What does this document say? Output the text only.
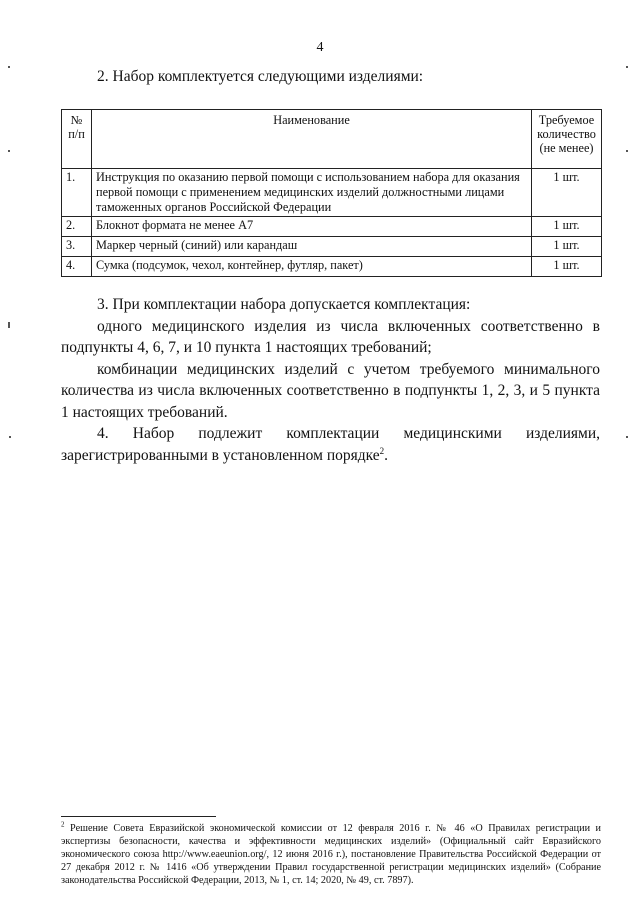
4
2. Набор комплектуется следующими изделиями:
№ п/п	Наименование	Требуемое количество (не менее)
1.	Инструкция по оказанию первой помощи с использованием набора для оказания первой помощи с применением медицинских изделий должностными лицами таможенных органов Российской Федерации	1 шт.
2.	Блокнот формата не менее А7	1 шт.
3.	Маркер черный (синий) или карандаш	1 шт.
4.	Сумка (подсумок, чехол, контейнер, футляр, пакет)	1 шт.

3. При комплектации набора допускается комплектация:

одного медицинского изделия из числа включенных соответственно в подпункты 4, 6, 7, и 10 пункта 1 настоящих требований;

комбинации медицинских изделий с учетом требуемого минимального количества из числа включенных соответственно в подпункты 1, 2, 3, и 5 пункта 1 настоящих требований.

4. Набор подлежит комплектации медицинскими изделиями, зарегистрированными в установленном порядке$^2$.

$^2$ Решение Совета Евразийской экономической комиссии от 12 февраля 2016 г. № 46 «О Правилах регистрации и экспертизы безопасности, качества и эффективности медицинских изделий» (Официальный сайт Евразийского экономического союза http://www.eaeunion.org/, 12 июня 2016 г.), постановление Правительства Российской Федерации от 27 декабря 2012 г. № 1416 «Об утверждении Правил государственной регистрации медицинских изделий» (Собрание законодательства Российской Федерации, 2013, № 1, ст. 14; 2020, № 49, ст. 7897).
